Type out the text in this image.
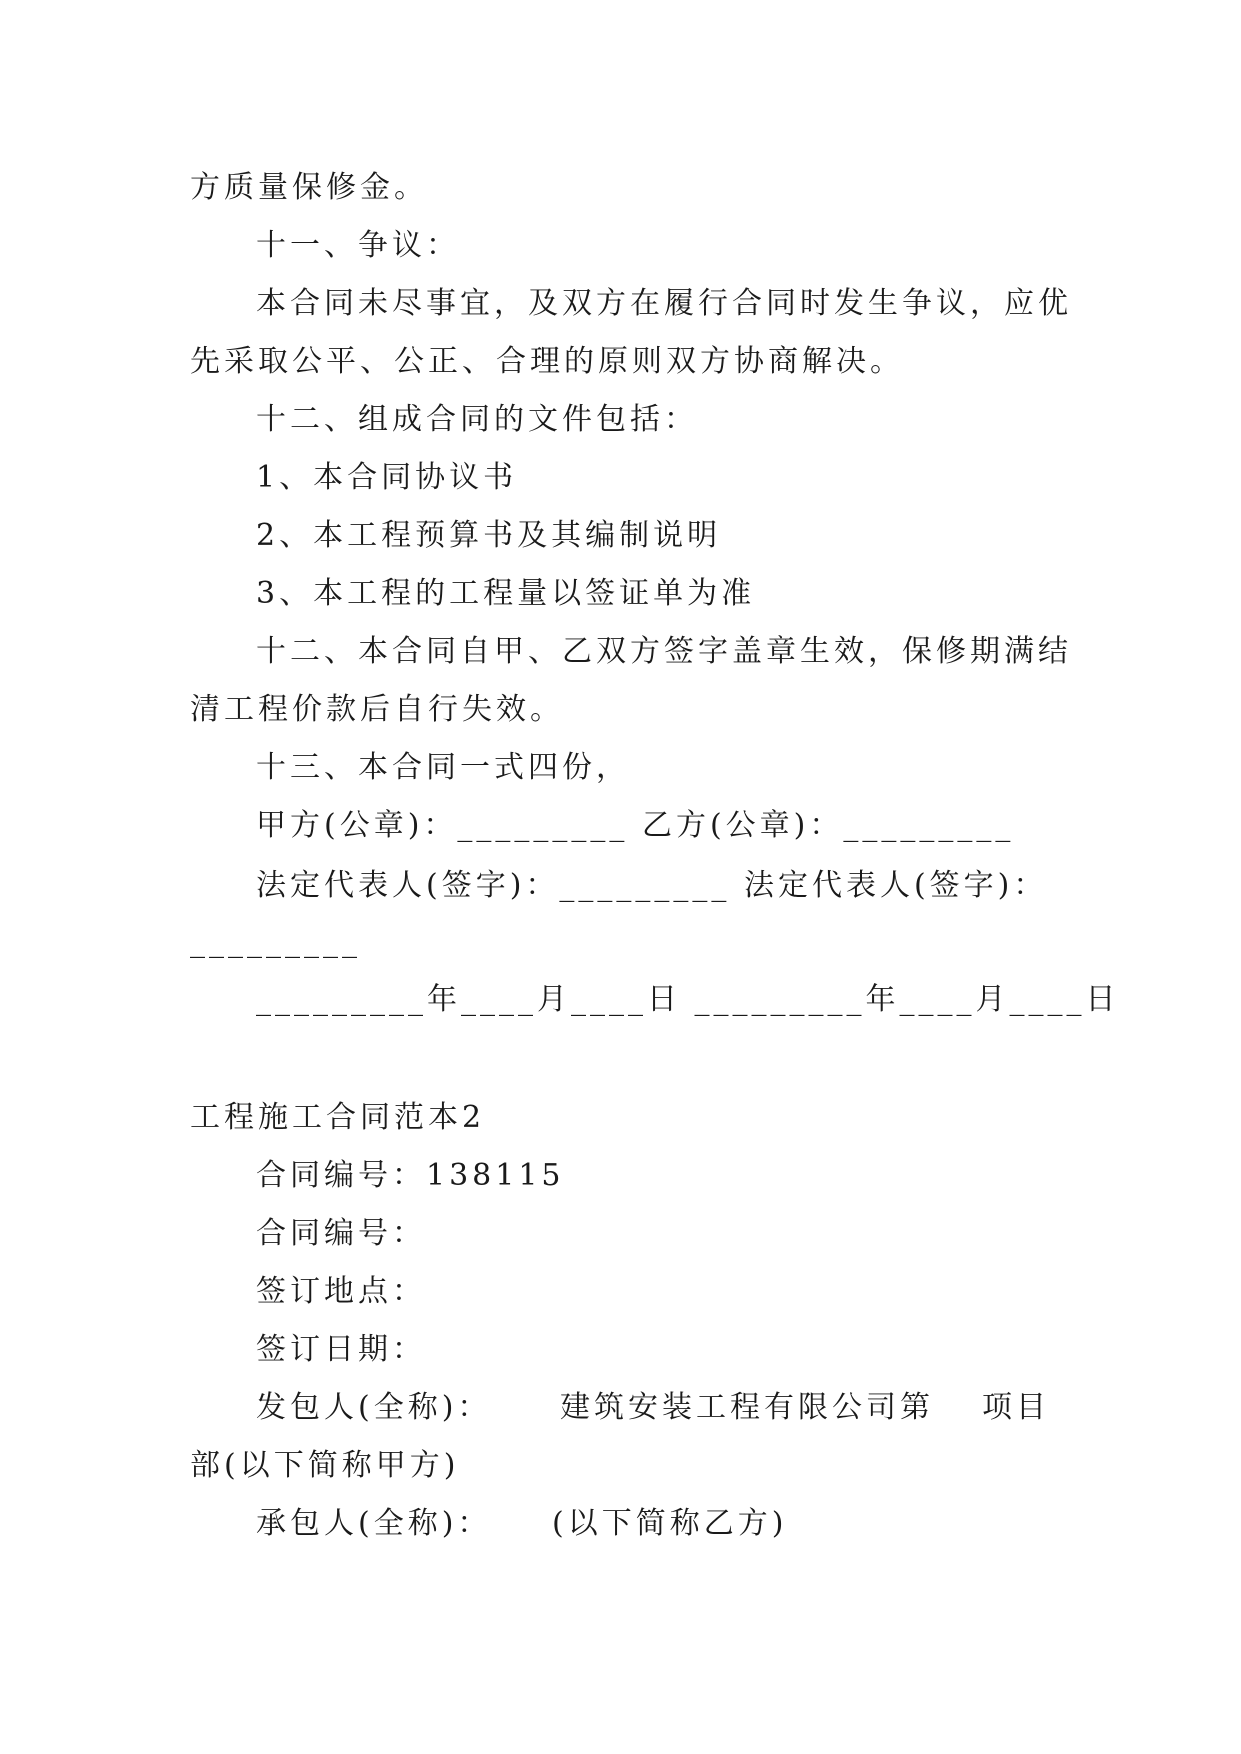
方质量保修金。
十一、争议：
本合同未尽事宜，及双方在履行合同时发生争议，应优
先采取公平、公正、合理的原则双方协商解决。
十二、组成合同的文件包括：
1、本合同协议书
2、本工程预算书及其编制说明
3、本工程的工程量以签证单为准
十二、本合同自甲、乙双方签字盖章生效，保修期满结
清工程价款后自行失效。
十三、本合同一式四份，
甲方(公章)：_________ 乙方(公章)：_________
法定代表人(签字)：_________ 法定代表人(签字)：
_________
_________年____月____日 _________年____月____日
工程施工合同范本2
合同编号：138115
合同编号：
签订地点：
签订日期：
发包人(全称)： 建筑安装工程有限公司第 项目
部(以下简称甲方)
承包人(全称)： (以下简称乙方)
